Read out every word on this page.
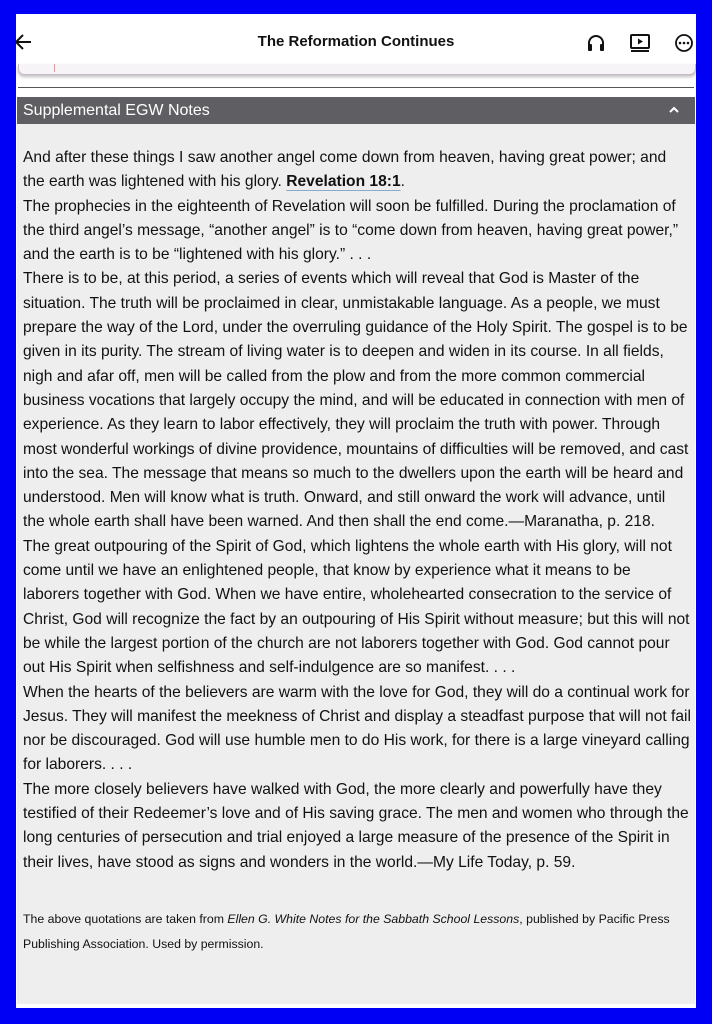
The Reformation Continues
Supplemental EGW Notes

And after these things I saw another angel come down from heaven, having great power; and the earth was lightened with his glory. Revelation 18:1.

The prophecies in the eighteenth of Revelation will soon be fulfilled. During the proclamation of the third angel’s message, “another angel” is to “come down from heaven, having great power,” and the earth is to be “lightened with his glory.” . . .

There is to be, at this period, a series of events which will reveal that God is Master of the situation. The truth will be proclaimed in clear, unmistakable language. As a people, we must prepare the way of the Lord, under the overruling guidance of the Holy Spirit. The gospel is to be given in its purity. The stream of living water is to deepen and widen in its course. In all fields, nigh and afar off, men will be called from the plow and from the more common commercial business vocations that largely occupy the mind, and will be educated in connection with men of experience. As they learn to labor effectively, they will proclaim the truth with power. Through most wonderful workings of divine providence, mountains of difficulties will be removed, and cast into the sea. The message that means so much to the dwellers upon the earth will be heard and understood. Men will know what is truth. Onward, and still onward the work will advance, until the whole earth shall have been warned. And then shall the end come.—Maranatha, p. 218.

The great outpouring of the Spirit of God, which lightens the whole earth with His glory, will not come until we have an enlightened people, that know by experience what it means to be laborers together with God. When we have entire, wholehearted consecration to the service of Christ, God will recognize the fact by an outpouring of His Spirit without measure; but this will not be while the largest portion of the church are not laborers together with God. God cannot pour out His Spirit when selfishness and self-indulgence are so manifest. . . .

When the hearts of the believers are warm with the love for God, they will do a continual work for Jesus. They will manifest the meekness of Christ and display a steadfast purpose that will not fail nor be discouraged. God will use humble men to do His work, for there is a large vineyard calling for laborers. . . .

The more closely believers have walked with God, the more clearly and powerfully have they testified of their Redeemer’s love and of His saving grace. The men and women who through the long centuries of persecution and trial enjoyed a large measure of the presence of the Spirit in their lives, have stood as signs and wonders in the world.—My Life Today, p. 59.

The above quotations are taken from Ellen G. White Notes for the Sabbath School Lessons, published by Pacific Press Publishing Association. Used by permission.
